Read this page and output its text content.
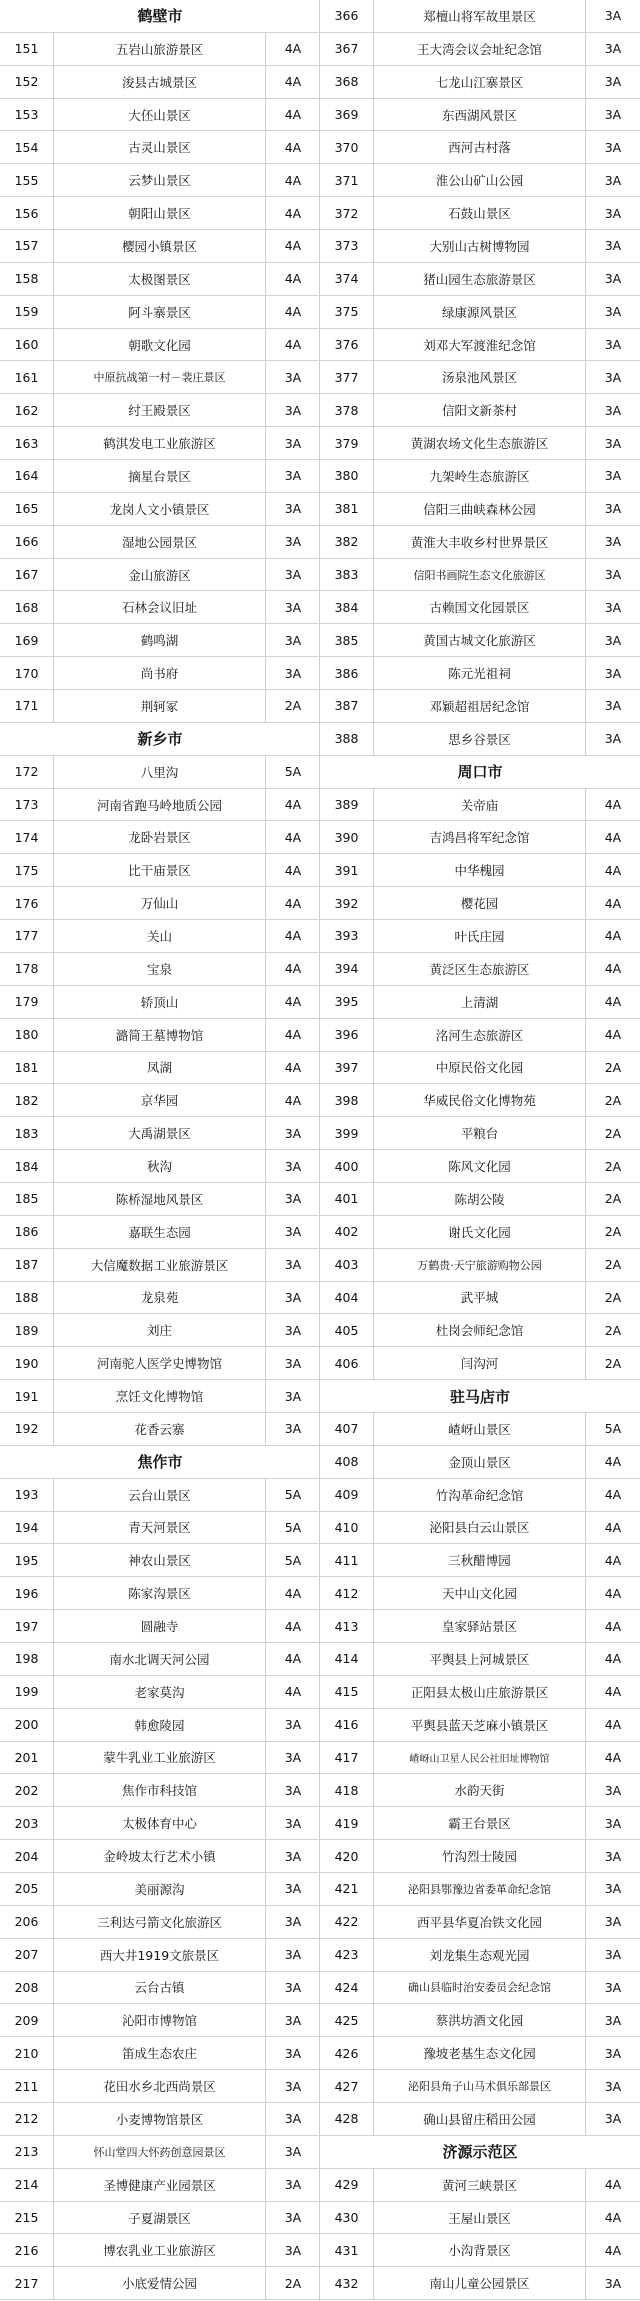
鹤壁市
151	五岩山旅游景区	4A
152	浚县古城景区	4A
153	大伾山景区	4A
154	古灵山景区	4A
155	云梦山景区	4A
156	朝阳山景区	4A
157	樱园小镇景区	4A
158	太极图景区	4A
159	阿斗寨景区	4A
160	朝歌文化园	4A
161	中原抗战第一村－裴庄景区	3A
162	纣王殿景区	3A
163	鹤淇发电工业旅游区	3A
164	摘星台景区	3A
165	龙岗人文小镇景区	3A
166	湿地公园景区	3A
167	金山旅游区	3A
168	石林会议旧址	3A
169	鹤鸣湖	3A
170	尚书府	3A
171	荆轲冢	2A
新乡市
172	八里沟	5A
173	河南省跑马岭地质公园	4A
174	龙卧岩景区	4A
175	比干庙景区	4A
176	万仙山	4A
177	关山	4A
178	宝泉	4A
179	轿顶山	4A
180	潞简王墓博物馆	4A
181	凤湖	4A
182	京华园	4A
183	大禹湖景区	3A
184	秋沟	3A
185	陈桥湿地风景区	3A
186	嘉联生态园	3A
187	大信魔数据工业旅游景区	3A
188	龙泉苑	3A
189	刘庄	3A
190	河南驼人医学史博物馆	3A
191	烹饪文化博物馆	3A
192	花香云寨	3A
焦作市
193	云台山景区	5A
194	青天河景区	5A
195	神农山景区	5A
196	陈家沟景区	4A
197	圆融寺	4A
198	南水北调天河公园	4A
199	老家莫沟	4A
200	韩愈陵园	3A
201	蒙牛乳业工业旅游区	3A
202	焦作市科技馆	3A
203	太极体育中心	3A
204	金岭坡太行艺术小镇	3A
205	美丽源沟	3A
206	三利达弓箭文化旅游区	3A
207	西大井1919文旅景区	3A
208	云台古镇	3A
209	沁阳市博物馆	3A
210	笛成生态农庄	3A
211	花田水乡北西尚景区	3A
212	小麦博物馆景区	3A
213	怀山堂四大怀药创意园景区	3A
214	圣博健康产业园景区	3A
215	子夏湖景区	3A
216	博农乳业工业旅游区	3A
217	小底爱情公园	2A
366	郑檀山将军故里景区	3A
367	王大湾会议会址纪念馆	3A
368	七龙山江寨景区	3A
369	东西湖风景区	3A
370	西河古村落	3A
371	淮公山矿山公园	3A
372	石鼓山景区	3A
373	大别山古树博物园	3A
374	猪山园生态旅游景区	3A
375	绿康源风景区	3A
376	刘邓大军渡淮纪念馆	3A
377	汤泉池风景区	3A
378	信阳文新茶村	3A
379	黄湖农场文化生态旅游区	3A
380	九架岭生态旅游区	3A
381	信阳三曲峡森林公园	3A
382	黄淮大丰收乡村世界景区	3A
383	信阳书画院生态文化旅游区	3A
384	古赖国文化园景区	3A
385	黄国古城文化旅游区	3A
386	陈元光祖祠	3A
387	邓颖超祖居纪念馆	3A
388	思乡谷景区	3A
周口市
389	关帝庙	4A
390	吉鸿昌将军纪念馆	4A
391	中华槐园	4A
392	樱花园	4A
393	叶氏庄园	4A
394	黄泛区生态旅游区	4A
395	上清湖	4A
396	洺河生态旅游区	4A
397	中原民俗文化园	2A
398	华威民俗文化博物苑	2A
399	平粮台	2A
400	陈风文化园	2A
401	陈胡公陵	2A
402	谢氏文化园	2A
403	万鹤贵·天宁旅游购物公园	2A
404	武平城	2A
405	杜岗会师纪念馆	2A
406	闫沟河	2A
驻马店市
407	嵖岈山景区	5A
408	金顶山景区	4A
409	竹沟革命纪念馆	4A
410	泌阳县白云山景区	4A
411	三秋醋博园	4A
412	天中山文化园	4A
413	皇家驿站景区	4A
414	平舆县上河城景区	4A
415	正阳县太极山庄旅游景区	4A
416	平舆县蓝天芝麻小镇景区	4A
417	嵖岈山卫星人民公社旧址博物馆	4A
418	水韵天街	3A
419	霸王台景区	3A
420	竹沟烈士陵园	3A
421	泌阳县鄂豫边省委革命纪念馆	3A
422	西平县华夏冶铁文化园	3A
423	刘龙集生态观光园	3A
424	确山县临时治安委员会纪念馆	3A
425	蔡洪坊酒文化园	3A
426	豫坡老基生态文化园	3A
427	泌阳县角子山马术俱乐部景区	3A
428	确山县留庄稻田公园	3A
济源示范区
429	黄河三峡景区	4A
430	王屋山景区	4A
431	小沟背景区	4A
432	南山儿童公园景区	3A
